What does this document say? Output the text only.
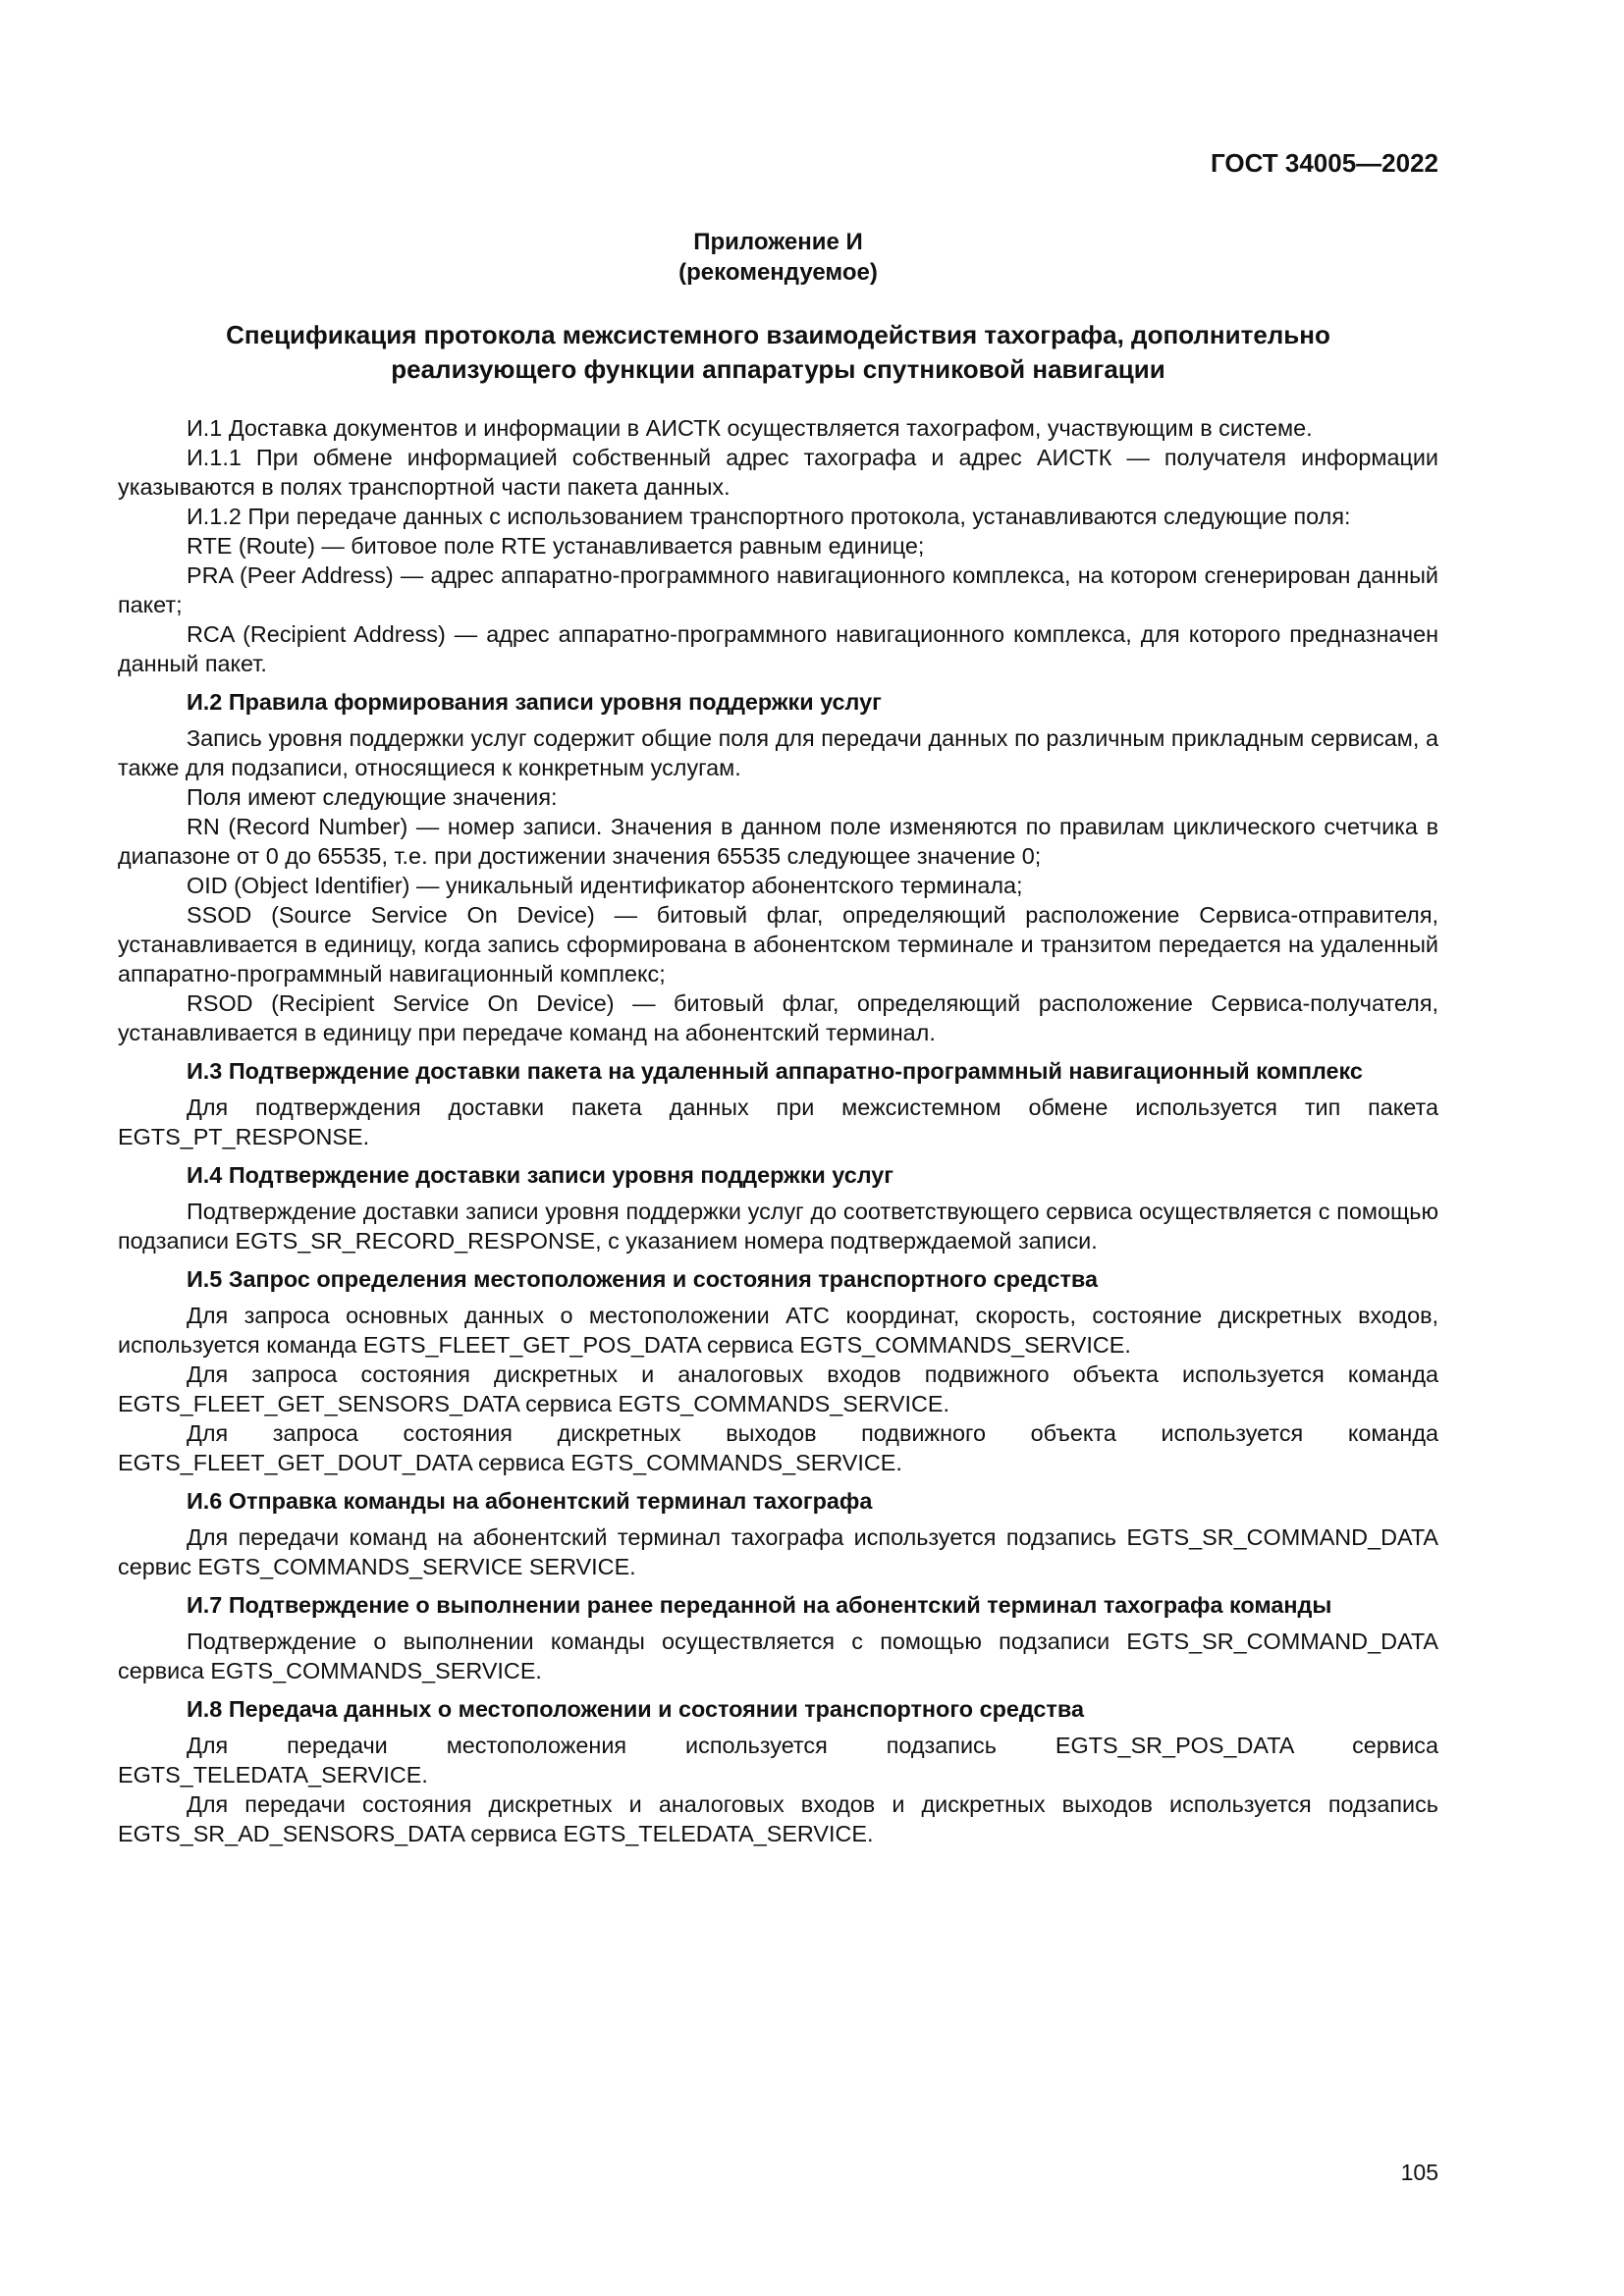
ГОСТ 34005—2022
Приложение И
(рекомендуемое)
Спецификация протокола межсистемного взаимодействия тахографа, дополнительно реализующего функции аппаратуры спутниковой навигации

И.1 Доставка документов и информации в АИСТК осуществляется тахографом, участвующим в системе.

И.1.1 При обмене информацией собственный адрес тахографа и адрес АИСТК — получателя информации указываются в полях транспортной части пакета данных.

И.1.2 При передаче данных с использованием транспортного протокола, устанавливаются следующие поля:

RTE (Route) — битовое поле RTE устанавливается равным единице;

PRA (Peer Address) — адрес аппаратно-программного навигационного комплекса, на котором сгенерирован данный пакет;

RCA (Recipient Address) — адрес аппаратно-программного навигационного комплекса, для которого предназначен данный пакет.

И.2 Правила формирования записи уровня поддержки услуг

Запись уровня поддержки услуг содержит общие поля для передачи данных по различным прикладным сервисам, а также для подзаписи, относящиеся к конкретным услугам.

Поля имеют следующие значения:

RN (Record Number) — номер записи. Значения в данном поле изменяются по правилам циклического счетчика в диапазоне от 0 до 65535, т.е. при достижении значения 65535 следующее значение 0;

OID (Object Identifier) — уникальный идентификатор абонентского терминала;

SSOD (Source Service On Device) — битовый флаг, определяющий расположение Сервиса-отправителя, устанавливается в единицу, когда запись сформирована в абонентском терминале и транзитом передается на удаленный аппаратно-программный навигационный комплекс;

RSOD (Recipient Service On Device) — битовый флаг, определяющий расположение Сервиса-получателя, устанавливается в единицу при передаче команд на абонентский терминал.

И.3 Подтверждение доставки пакета на удаленный аппаратно-программный навигационный комплекс

Для подтверждения доставки пакета данных при межсистемном обмене используется тип пакета EGTS_PT_RESPONSE.

И.4 Подтверждение доставки записи уровня поддержки услуг

Подтверждение доставки записи уровня поддержки услуг до соответствующего сервиса осуществляется с помощью подзаписи EGTS_SR_RECORD_RESPONSE, с указанием номера подтверждаемой записи.

И.5 Запрос определения местоположения и состояния транспортного средства

Для запроса основных данных о местоположении АТС координат, скорость, состояние дискретных входов, используется команда EGTS_FLEET_GET_POS_DATA сервиса EGTS_COMMANDS_SERVICE.

Для запроса состояния дискретных и аналоговых входов подвижного объекта используется команда EGTS_FLEET_GET_SENSORS_DATA сервиса EGTS_COMMANDS_SERVICE.

Для запроса состояния дискретных выходов подвижного объекта используется команда EGTS_FLEET_GET_DOUT_DATA сервиса EGTS_COMMANDS_SERVICE.

И.6 Отправка команды на абонентский терминал тахографа

Для передачи команд на абонентский терминал тахографа используется подзапись EGTS_SR_COMMAND_DATA сервис EGTS_COMMANDS_SERVICE SERVICE.

И.7 Подтверждение о выполнении ранее переданной на абонентский терминал тахографа команды

Подтверждение о выполнении команды осуществляется с помощью подзаписи EGTS_SR_COMMAND_DATA сервиса EGTS_COMMANDS_SERVICE.

И.8 Передача данных о местоположении и состоянии транспортного средства

Для передачи местоположения используется подзапись EGTS_SR_POS_DATA сервиса EGTS_TELEDATA_SERVICE.

Для передачи состояния дискретных и аналоговых входов и дискретных выходов используется подзапись EGTS_SR_AD_SENSORS_DATA сервиса EGTS_TELEDATA_SERVICE.

105
